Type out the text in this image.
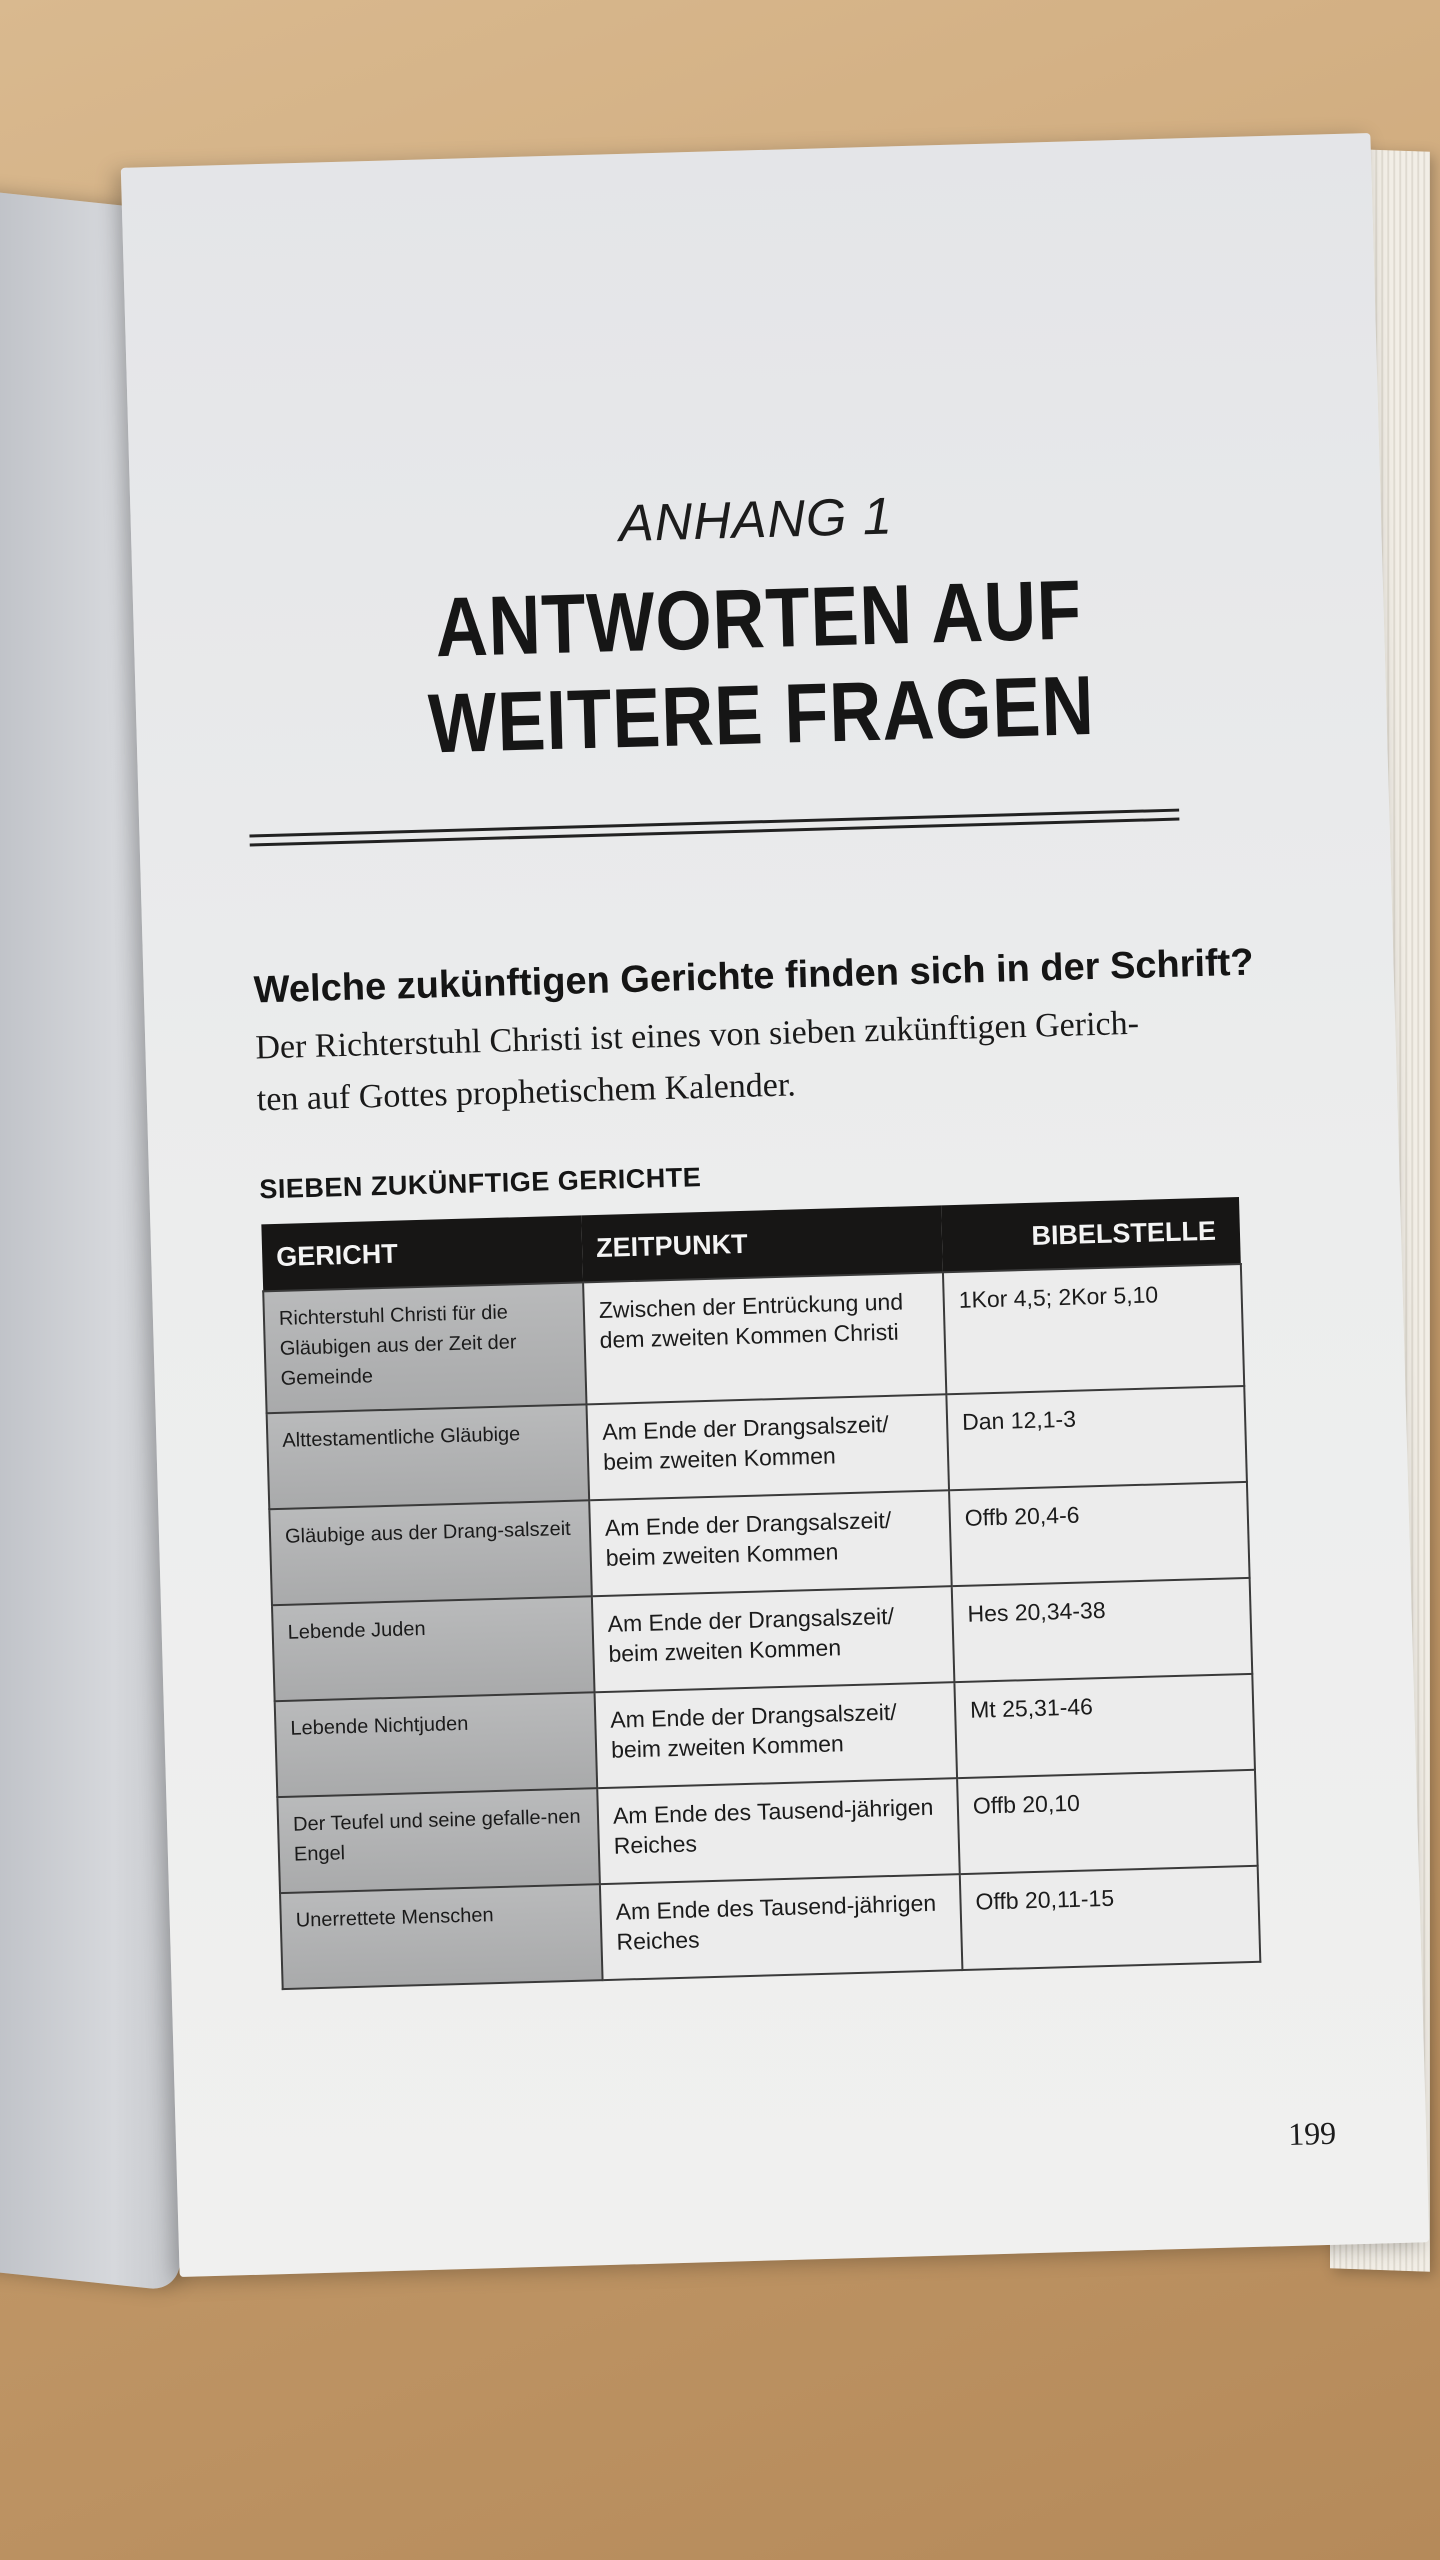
ANHANG 1
ANTWORTEN AUF
WEITERE FRAGEN
Welche zukünftigen Gerichte finden sich in der Schrift?
Der Richterstuhl Christi ist eines von sieben zukünftigen Gerich-
ten auf Gottes prophetischem Kalender.
SIEBEN ZUKÜNFTIGE GERICHTE
GERICHT	ZEITPUNKT	BIBELSTELLE
Richterstuhl Christi für die Gläubigen aus der Zeit der Gemeinde	Zwischen der Entrückung und dem zweiten Kommen Christi	1Kor 4,5; 2Kor 5,10
Alttestamentliche Gläubige	Am Ende der Drangsalszeit/ beim zweiten Kommen	Dan 12,1-3
Gläubige aus der Drang-salszeit	Am Ende der Drangsalszeit/ beim zweiten Kommen	Offb 20,4-6
Lebende Juden	Am Ende der Drangsalszeit/ beim zweiten Kommen	Hes 20,34-38
Lebende Nichtjuden	Am Ende der Drangsalszeit/ beim zweiten Kommen	Mt 25,31-46
Der Teufel und seine gefalle-nen Engel	Am Ende des Tausend-jährigen Reiches	Offb 20,10
Unerrettete Menschen	Am Ende des Tausend-jährigen Reiches	Offb 20,11-15
199
